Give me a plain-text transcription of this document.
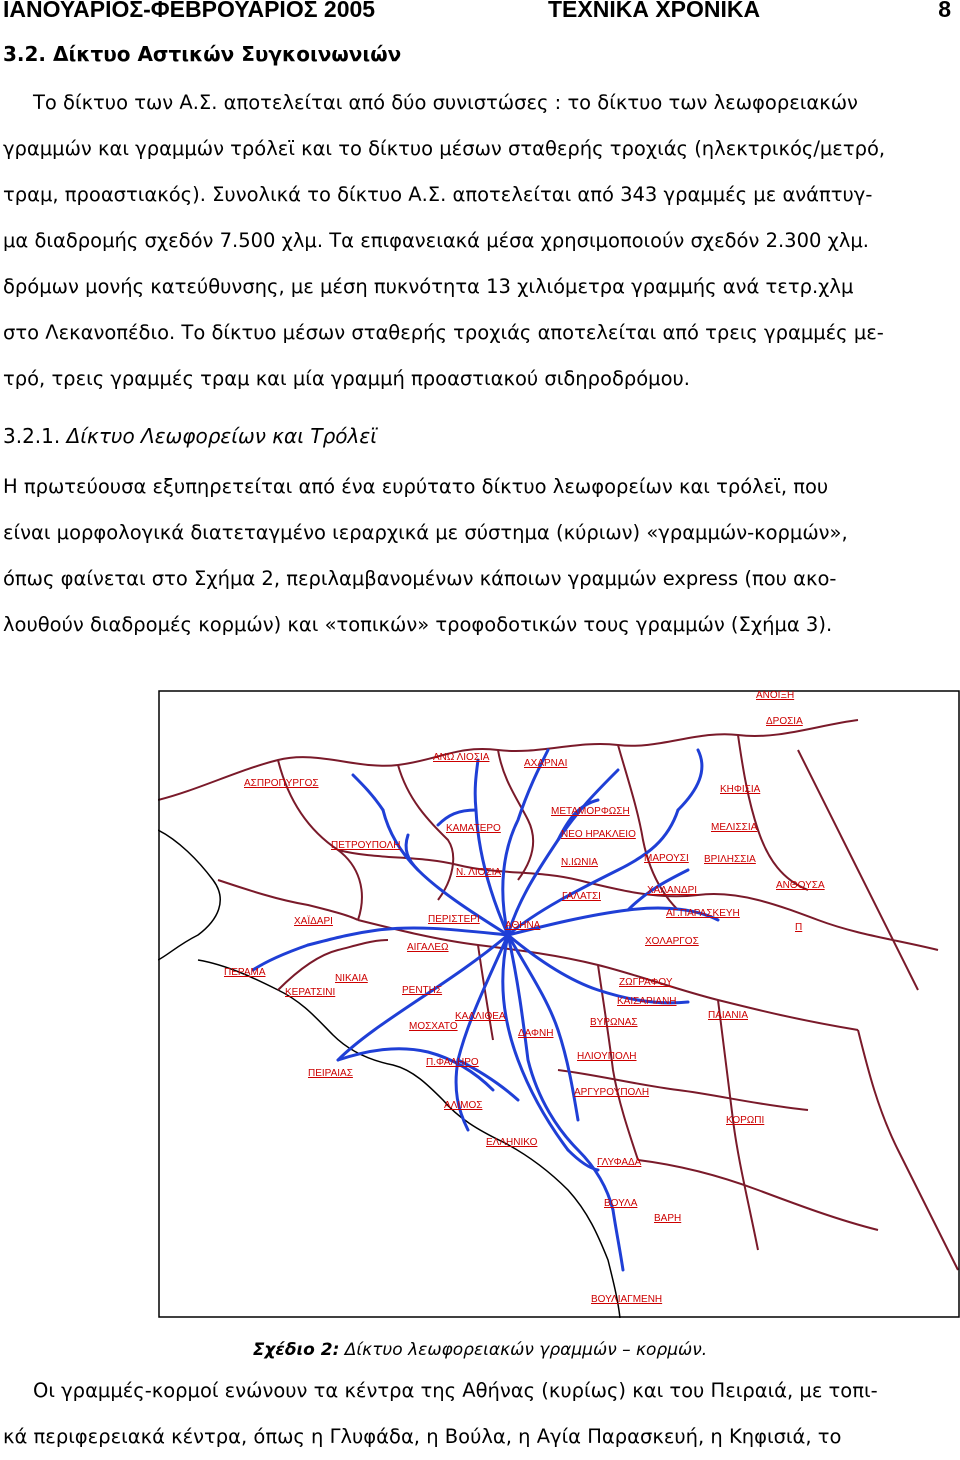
ΙΑΝΟΥΑΡΙΟΣ-ΦΕΒΡΟΥΑΡΙΟΣ 2005	ΤΕΧΝΙΚΑ ΧΡΟΝΙΚΑ	8
3.2. Δίκτυο Αστικών Συγκοινωνιών
Το δίκτυο των Α.Σ. αποτελείται από δύο συνιστώσες : το δίκτυο των λεωφορειακών
γραμμών και γραμμών τρόλεϊ και το δίκτυο μέσων σταθερής τροχιάς (ηλεκτρικός/μετρό,
τραμ, προαστιακός). Συνολικά το δίκτυο Α.Σ. αποτελείται από 343 γραμμές με ανάπτυγ-
μα διαδρομής σχεδόν 7.500 χλμ. Τα επιφανειακά μέσα χρησιμοποιούν σχεδόν 2.300 χλμ.
δρόμων μονής κατεύθυνσης, με μέση πυκνότητα 13 χιλιόμετρα γραμμής ανά τετρ.χλμ
στο Λεκανοπέδιο. Το δίκτυο μέσων σταθερής τροχιάς αποτελείται από τρεις γραμμές με-
τρό, τρεις γραμμές τραμ και μία γραμμή προαστιακού σιδηροδρόμου.
3.2.1. Δίκτυο Λεωφορείων και Τρόλεϊ
Η πρωτεύουσα εξυπηρετείται από ένα ευρύτατο δίκτυο λεωφορείων και τρόλεϊ, που
είναι μορφολογικά διατεταγμένο ιεραρχικά με σύστημα (κύριων) «γραμμών-κορμών»,
όπως φαίνεται στο Σχήμα 2, περιλαμβανομένων κάποιων γραμμών express (που ακο-
λουθούν διαδρομές κορμών) και «τοπικών» τροφοδοτικών τους γραμμών (Σχήμα 3).
ΑΝΟΙΞΗ
ΔΡΟΣΙΑ
ΑΝΩ ΛΙΟΣΙΑ
ΑΧΑΡΝΑΙ
ΑΣΠΡΟΠΥΡΓΟΣ
ΚΗΦΙΣΙΑ
ΜΕΤΑΜΟΡΦΩΣΗ
ΚΑΜΑΤΕΡΟ	ΜΕΛΙΣΣΙΑ
ΝΕΟ ΗΡΑΚΛΕΙΟ
ΠΕΤΡΟΥΠΟΛΗ
ΜΑΡΟΥΣΙ ΒΡΙΛΗΣΣΙΑ
Ν.ΙΩΝΙΑ
Ν. ΛΙΟΣΙΑ
ΑΝΘΟΥΣΑ
ΧΑΛΑΝΔΡΙ
ΓΑΛΑΤΣΙ
ΑΓ.ΠΑΡΑΣΚΕΥΗ
ΧΑΪΔΑΡΙ	ΠΕΡΙΣΤΕΡΙ
ΑΘΗΝΑ	Π
ΧΟΛΑΡΓΟΣ
ΑΙΓΑΛΕΩ
ΠΕΡΑΜΑ
ΝΙΚΑΙΑ	ΖΩΓΡΑΦΟΥ
ΚΕΡΑΤΣΙΝΙ	ΡΕΝΤΗΣ
ΚΑΙΣΑΡΙΑΝΗ
ΠΑΙΑΝΙΑ
ΚΑΛΛΙΘΕΑ
ΒΥΡΩΝΑΣ
ΜΟΣΧΑΤΟ
ΔΑΦΝΗ
ΗΛΙΟΥΠΟΛΗ
Π.ΦΑΛΗΡΟ
ΠΕΙΡΑΙΑΣ
ΑΡΓΥΡΟΥΠΟΛΗ
ΑΛΙΜΟΣ
ΚΟΡΩΠΙ
ΕΛΛΗΝΙΚΟ
ΓΛΥΦΑΔΑ
ΒΟΥΛΑ
ΒΑΡΗ
ΒΟΥΛΙΑΓΜΕΝΗ
Σχέδιο 2: Δίκτυο λεωφορειακών γραμμών – κορμών.
Οι γραμμές-κορμοί ενώνουν τα κέντρα της Αθήνας (κυρίως) και του Πειραιά, με τοπι-
κά περιφερειακά κέντρα, όπως η Γλυφάδα, η Βούλα, η Αγία Παρασκευή, η Κηφισιά, το
